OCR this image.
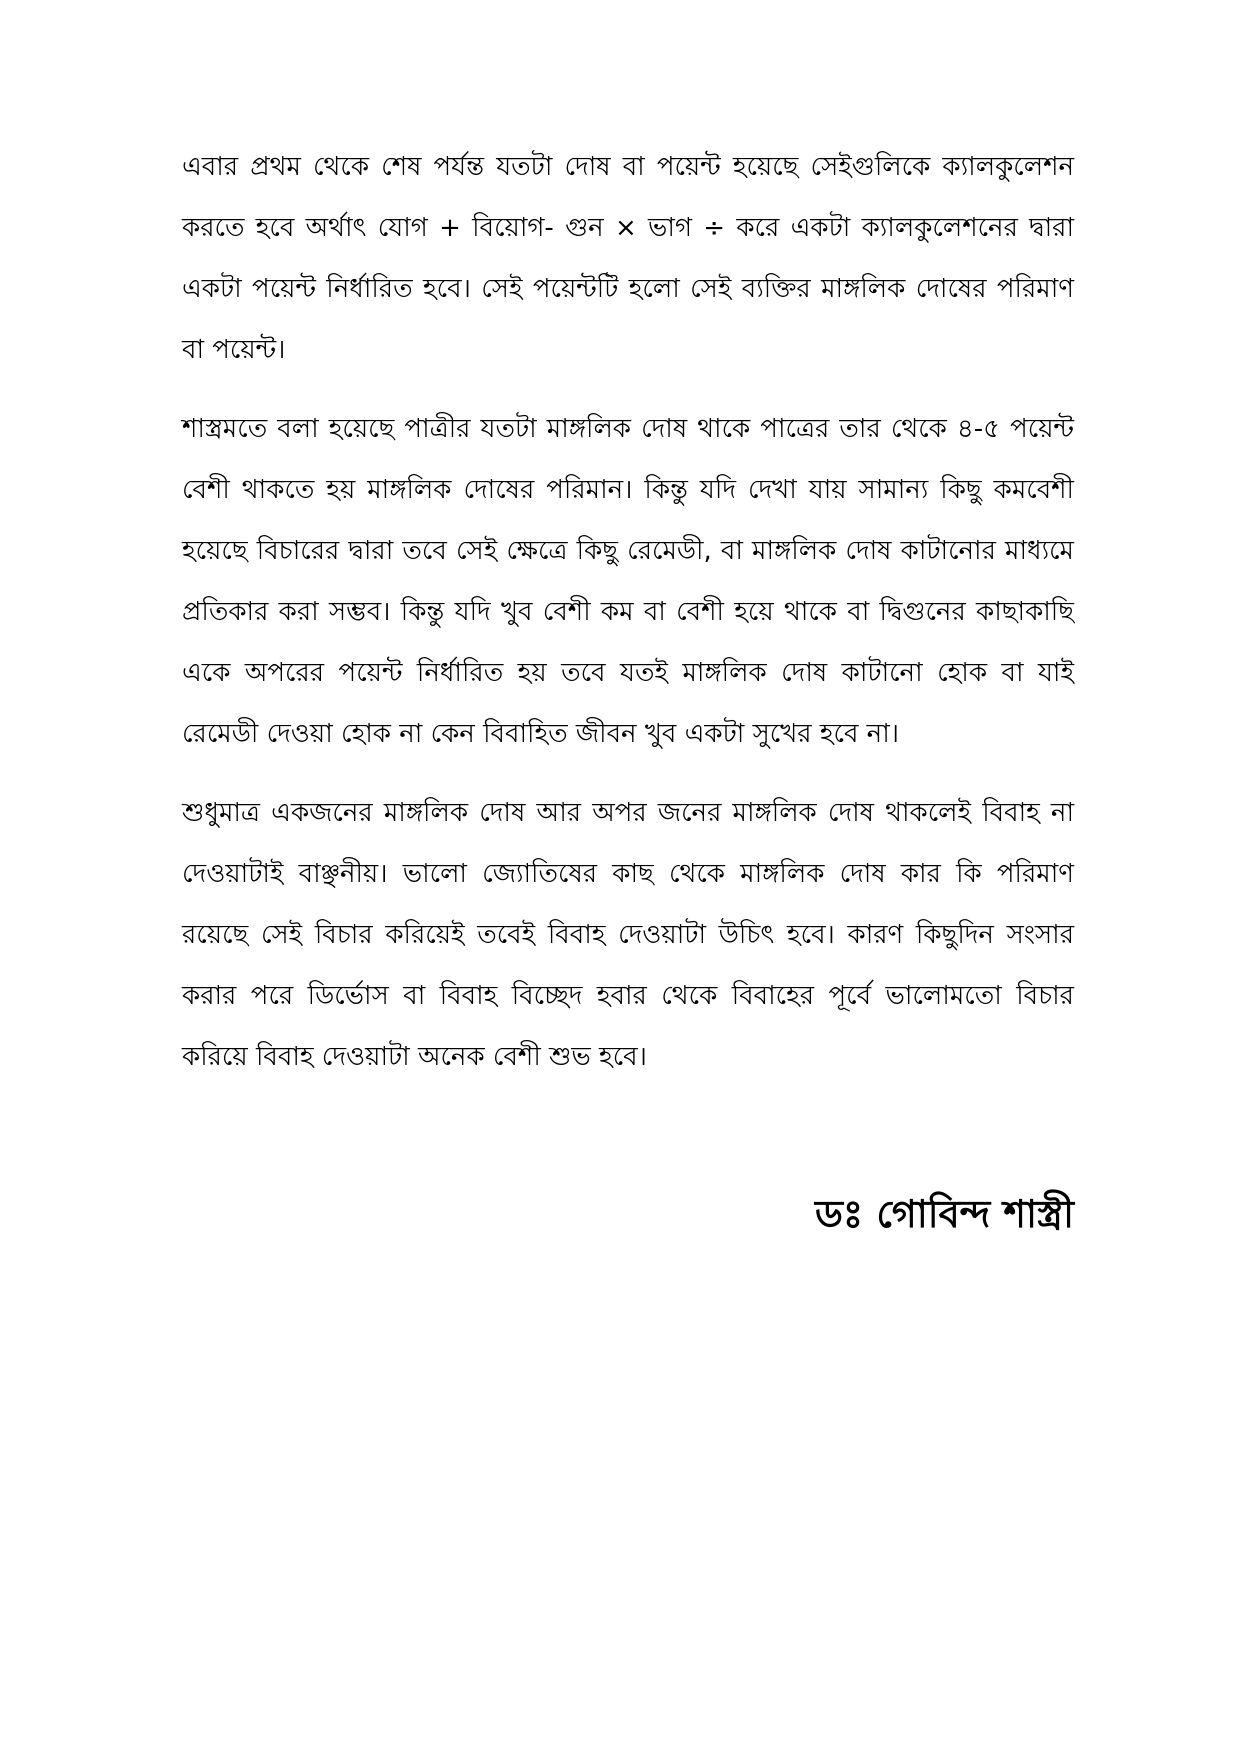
এবার প্রথম থেকে শেষ পর্যন্ত যতটা দোষ বা পয়েন্ট হয়েছে সেইগুলিকে ক্যালকুলেশন করতে হবে অর্থাৎ যোগ + বিয়োগ- গুন × ভাগ ÷ করে একটা ক্যালকুলেশনের দ্বারা একটা পয়েন্ট নির্ধারিত হবে। সেই পয়েন্টটি হলো সেই ব্যক্তির মাঙ্গলিক দোষের পরিমাণ বা পয়েন্ট।

শাস্ত্রমতে বলা হয়েছে পাত্রীর যতটা মাঙ্গলিক দোষ থাকে পাত্রের তার থেকে ৪-৫ পয়েন্ট বেশী থাকতে হয় মাঙ্গলিক দোষের পরিমান। কিন্তু যদি দেখা যায় সামান্য কিছু কমবেশী হয়েছে বিচারের দ্বারা তবে সেই ক্ষেত্রে কিছু রেমেডী, বা মাঙ্গলিক দোষ কাটানোর মাধ্যমে প্রতিকার করা সম্ভব। কিন্তু যদি খুব বেশী কম বা বেশী হয়ে থাকে বা দ্বিগুনের কাছাকাছি একে অপরের পয়েন্ট নির্ধারিত হয় তবে যতই মাঙ্গলিক দোষ কাটানো হোক বা যাই রেমেডী দেওয়া হোক না কেন বিবাহিত জীবন খুব একটা সুখের হবে না।

শুধুমাত্র একজনের মাঙ্গলিক দোষ আর অপর জনের মাঙ্গলিক দোষ থাকলেই বিবাহ না দেওয়াটাই বাঞ্ছনীয়। ভালো জ্যোতিষের কাছ থেকে মাঙ্গলিক দোষ কার কি পরিমাণ রয়েছে সেই বিচার করিয়েই তবেই বিবাহ দেওয়াটা উচিৎ হবে। কারণ কিছুদিন সংসার করার পরে ডির্ভোস বা বিবাহ বিচ্ছেদ হবার থেকে বিবাহের পূর্বে ভালোমতো বিচার করিয়ে বিবাহ দেওয়াটা অনেক বেশী শুভ হবে।

ডঃ গোবিন্দ শাস্ত্রী
